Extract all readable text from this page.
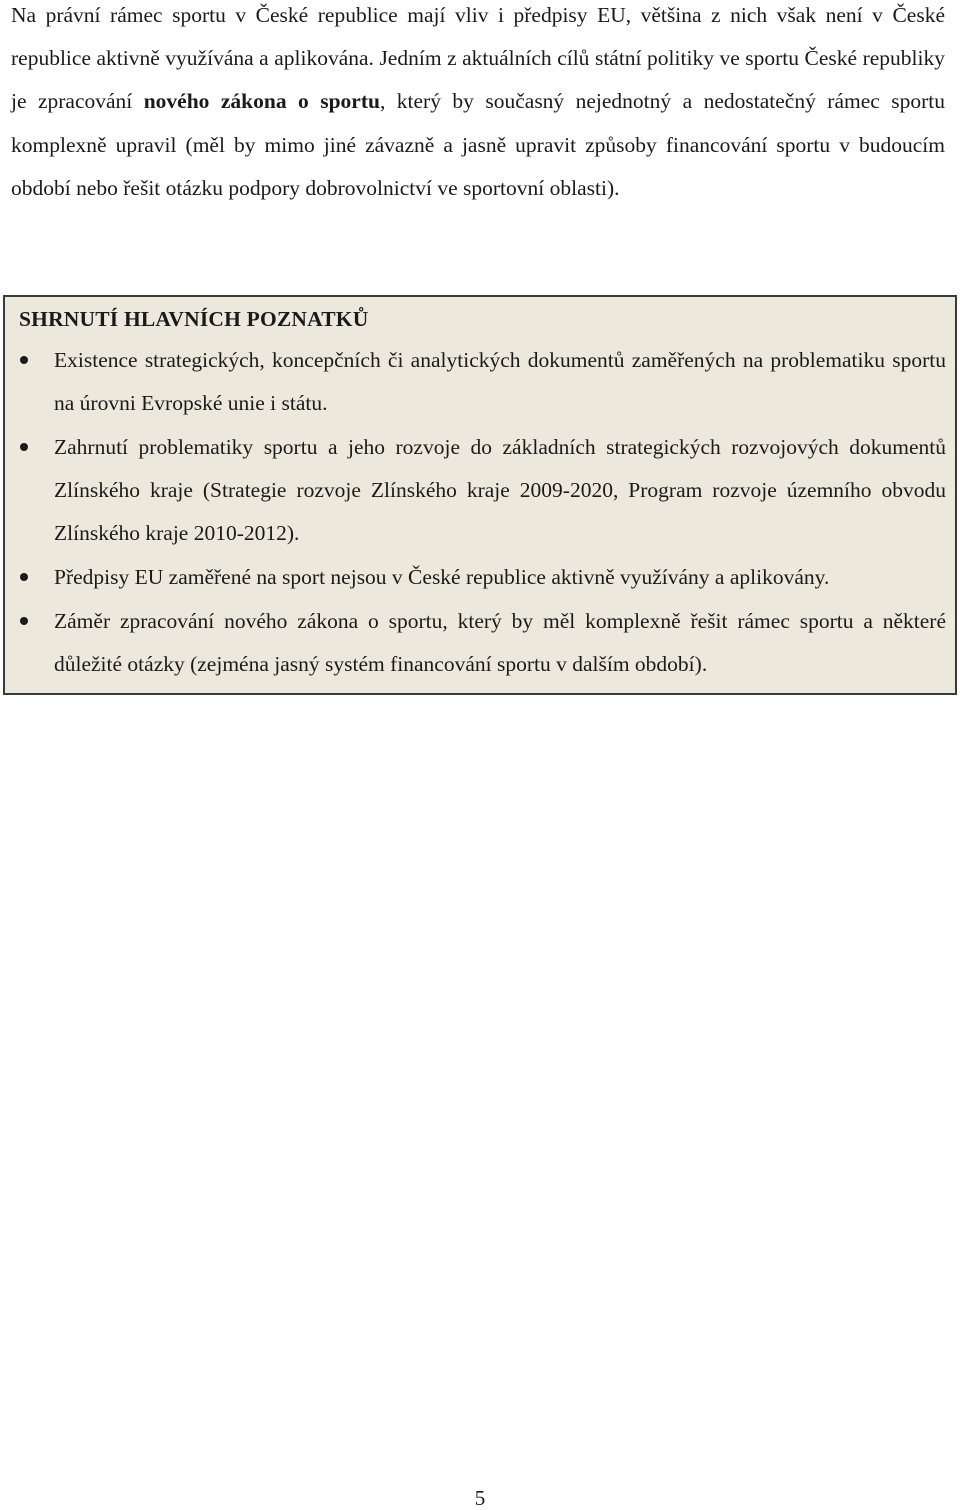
Na právní rámec sportu v České republice mají vliv i předpisy EU, většina z nich však není v České republice aktivně využívána a aplikována. Jedním z aktuálních cílů státní politiky ve sportu České republiky je zpracování nového zákona o sportu, který by současný nejednotný a nedostatečný rámec sportu komplexně upravil (měl by mimo jiné závazně a jasně upravit způsoby financování sportu v budoucím období nebo řešit otázku podpory dobrovolnictví ve sportovní oblasti).

SHRNUTÍ HLAVNÍCH POZNATKŮ
Existence strategických, koncepčních či analytických dokumentů zaměřených na problematiku sportu na úrovni Evropské unie i státu.
Zahrnutí problematiky sportu a jeho rozvoje do základních strategických rozvojových dokumentů Zlínského kraje (Strategie rozvoje Zlínského kraje 2009-2020, Program rozvoje územního obvodu Zlínského kraje 2010-2012).
Předpisy EU zaměřené na sport nejsou v České republice aktivně využívány a aplikovány.
Záměr zpracování nového zákona o sportu, který by měl komplexně řešit rámec sportu a některé důležité otázky (zejména jasný systém financování sportu v dalším období).
5
